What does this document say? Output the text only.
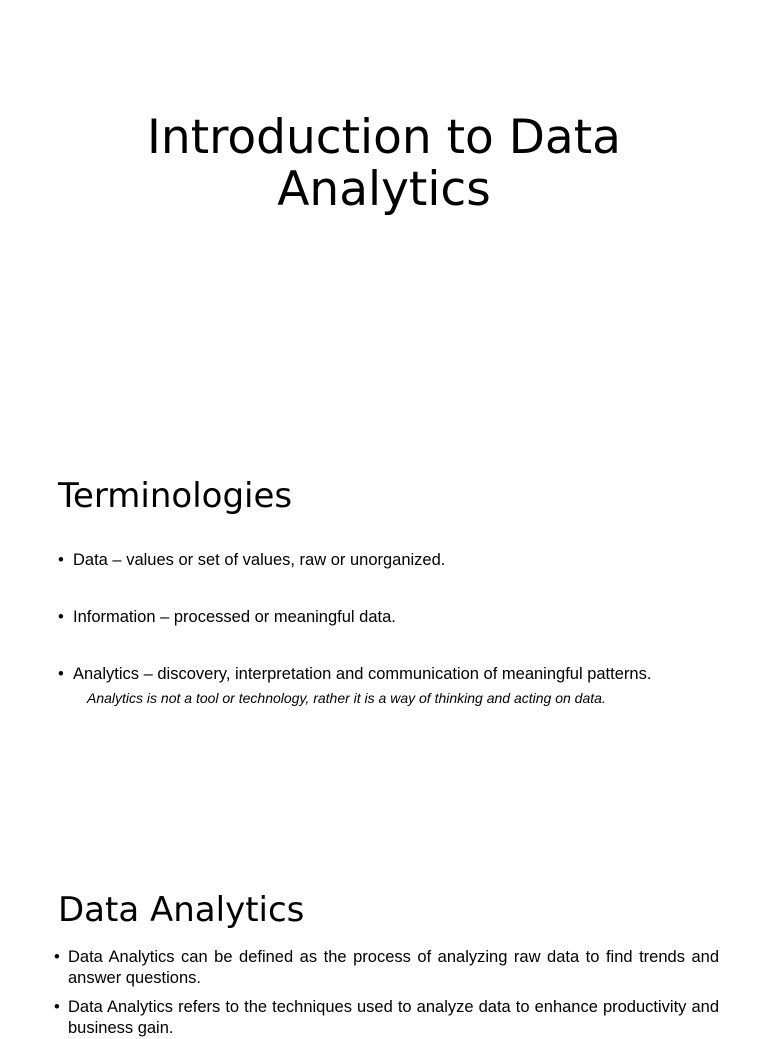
Introduction to Data
Analytics
Terminologies
• Data – values or set of values, raw or unorganized.
• Information – processed or meaningful data.
• Analytics – discovery, interpretation and communication of meaningful patterns.
Analytics is not a tool or technology, rather it is a way of thinking and acting on data.
Data Analytics
• Data Analytics can be defined as the process of analyzing raw data to find trends and answer questions.
• Data Analytics refers to the techniques used to analyze data to enhance productivity and business gain.
